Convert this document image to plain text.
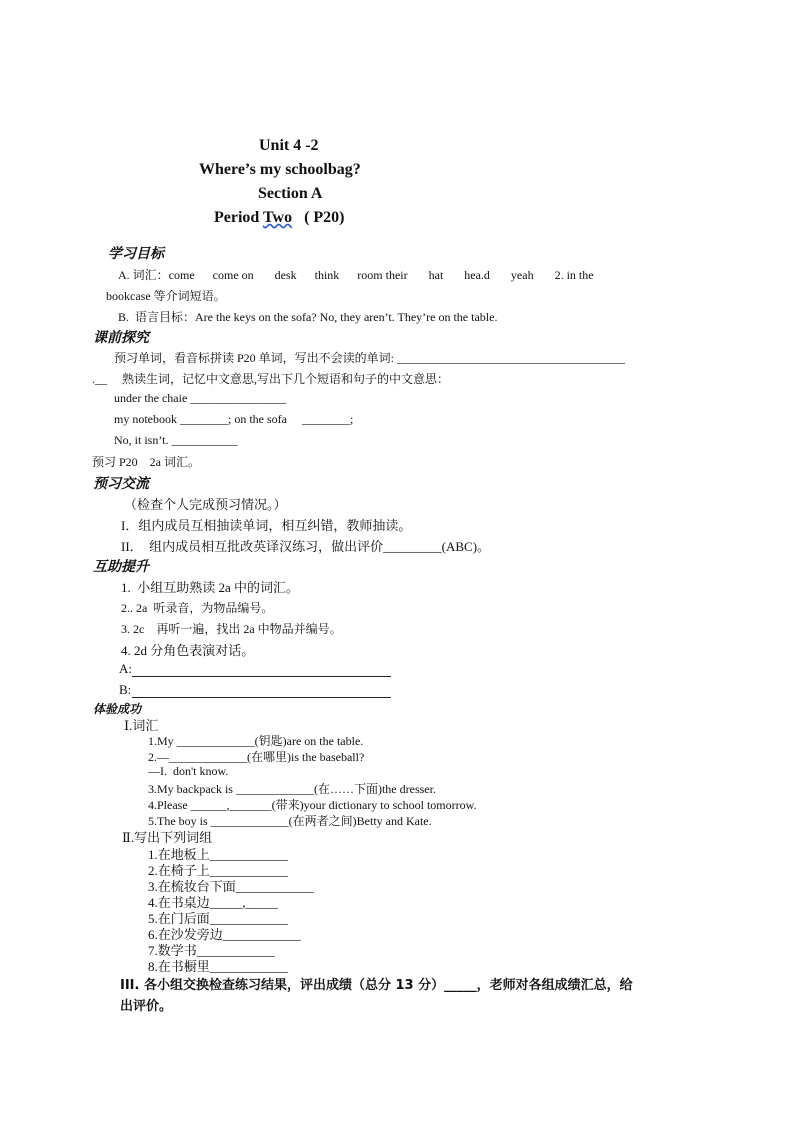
Unit 4 -2
Where’s my schoolbag?
Section A
Period Two   ( P20)
学习目标
A. 词汇：come      come on       desk      think      room their       hat       hea.d       yeah       2. in the
bookcase 等介词短语。
B.  语言目标：Are the keys on the sofa? No, they aren’t. They’re on the table.
课前探究
预习单词，看音标拼读 P20 单词，写出不会读的单词: ______________________________________
.__     熟读生词，记忆中文意思,写出下几个短语和句子的中文意思：
under the chaie ________________
my notebook ________; on the sofa     ________;
No, it isn’t. ___________
预习 P20    2a 词汇。
预习交流
（检查个人完成预习情况。）
I．组内成员互相抽读单词，相互纠错，教师抽读。
II．  组内成员相互批改英译汉练习，做出评价_________(ABC)。
互助提升
1.  小组互助熟读 2a 中的词汇。
2.. 2a  听录音，为物品编号。
3. 2c    再听一遍，找出 2a 中物品并编号。
4. 2d 分角色表演对话。
A:
B:
体验成功
Ⅰ.词汇
1.My _____________(钥匙)are on the table.
2.—_____________(在哪里)is the baseball?
—I.  don't know.
3.My backpack is _____________(在……下面)the dresser.
4.Please ______,_______(带来)your dictionary to school tomorrow.
5.The boy is _____________(在两者之间)Betty and Kate.
Ⅱ.写出下列词组
1.在地板上____________
2.在椅子上____________
3.在梳妆台下面____________
4.在书桌边_____,_____
5.在门后面____________
6.在沙发旁边____________
7.数学书____________
8.在书橱里____________
III. 各小组交换检查练习结果，评出成绩（总分 13 分）_____，老师对各组成绩汇总，给
出评价。
